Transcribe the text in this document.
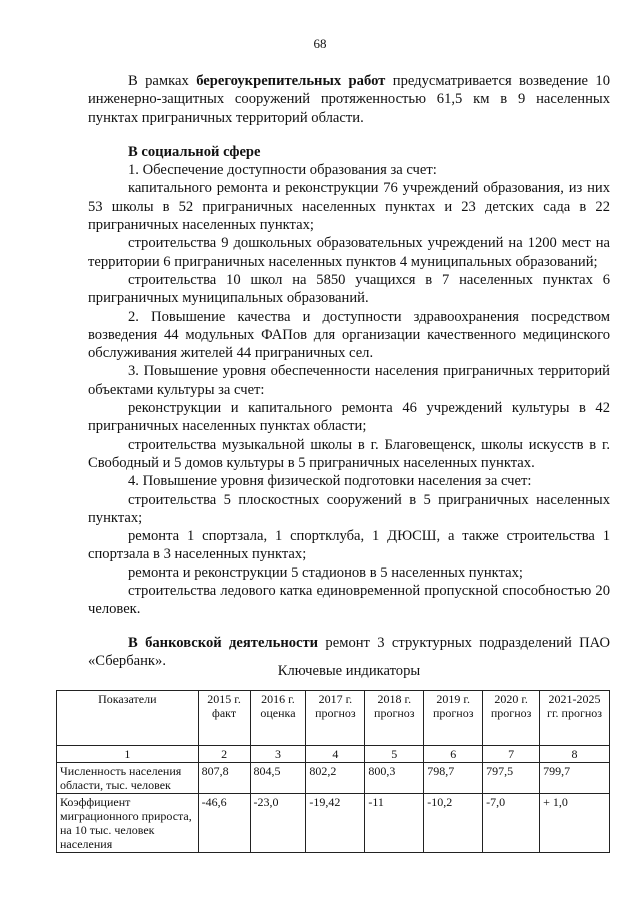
68

В рамках берегоукрепительных работ предусматривается возведение 10 инженерно-защитных сооружений протяженностью 61,5 км в 9 населенных пунктах приграничных территорий области.

В социальной сфере

1. Обеспечение доступности образования за счет:

капитального ремонта и реконструкции 76 учреждений образования, из них 53 школы в 52 приграничных населенных пунктах и 23 детских сада в 22 приграничных населенных пунктах;

строительства 9 дошкольных образовательных учреждений на 1200 мест на территории 6 приграничных населенных пунктов 4 муниципальных образований;

строительства 10 школ на 5850 учащихся в 7 населенных пунктах 6 приграничных муниципальных образований.

2. Повышение качества и доступности здравоохранения посредством возведения 44 модульных ФАПов для организации качественного медицинского обслуживания жителей 44 приграничных сел.

3. Повышение уровня обеспеченности населения приграничных территорий объектами культуры за счет:

реконструкции и капитального ремонта 46 учреждений культуры в 42 приграничных населенных пунктах области;

строительства музыкальной школы в г. Благовещенск, школы искусств в г. Свободный и 5 домов культуры в 5 приграничных населенных пунктах.

4. Повышение уровня физической подготовки населения за счет:

строительства 5 плоскостных сооружений в 5 приграничных населенных пунктах;

ремонта 1 спортзала, 1 спортклуба, 1 ДЮСШ, а также строительства 1 спортзала в 3 населенных пунктах;

ремонта и реконструкции 5 стадионов в 5 населенных пунктах;

строительства ледового катка единовременной пропускной способностью 20 человек.

В банковской деятельности ремонт 3 структурных подразделений ПАО «Сбербанк».

Ключевые индикаторы
Показатели	2015 г. факт	2016 г. оценка	2017 г. прогноз	2018 г. прогноз	2019 г. прогноз	2020 г. прогноз	2021-2025 гг. прогноз
1	2	3	4	5	6	7	8
Численность населения области, тыс. человек	807,8	804,5	802,2	800,3	798,7	797,5	799,7
Коэффициент миграционного прироста, на 10 тыс. человек населения	-46,6	-23,0	-19,42	-11	-10,2	-7,0	+ 1,0
